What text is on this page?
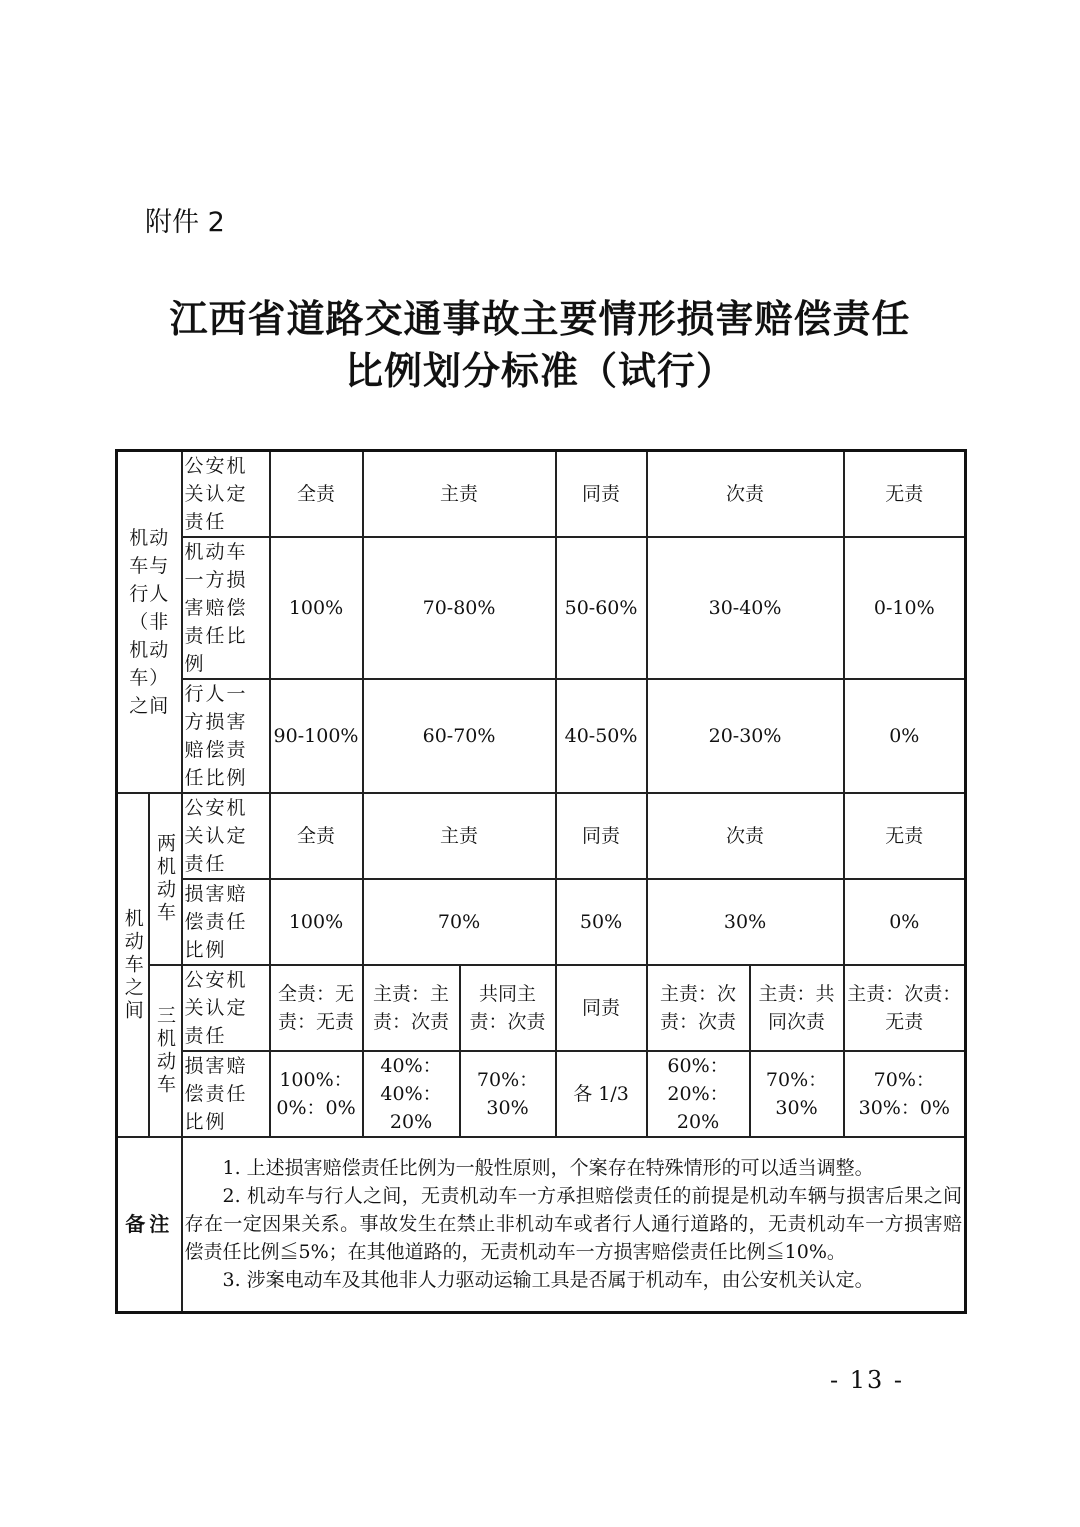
附件 2
江西省道路交通事故主要情形损害赔偿责任
比例划分标准（试行）
机动车与行人（非机动车）之间		公安机关认定责任	全责	主责		同责	次责		无责
		机动车一方损害赔偿责任比例	100%	70-80%		50-60%	30-40%		0-10%
		行人一方损害赔偿责任比例	90-100%	60-70%		40-50%	20-30%		0%

机动车之间	两机动车	公安机关认定责任	全责	主责		同责	次责		无责
		损害赔偿责任比例	100%	70%		50%	30%		0%

	三机动车	公安机关认定责任	全责：无责：无责	主责：主责：次责	共同主责：次责	同责	主责：次责：次责	主责：共同次责	主责：次责：无责
		损害赔偿责任比例	100%：0%：0%	40%：40%：20%	70%：30%	各 1/3	60%：20%：20%	70%：30%	70%：30%：0%
备注		1. 上述损害赔偿责任比例为一般性原则，个案存在特殊情形的可以适当调整。

2. 机动车与行人之间，无责机动车一方承担赔偿责任的前提是机动车辆与损害后果之间存在一定因果关系。事故发生在禁止非机动车或者行人通行道路的，无责机动车一方损害赔偿责任比例≦5%；在其他道路的，无责机动车一方损害赔偿责任比例≦10%。

3. 涉案电动车及其他非人力驱动运输工具是否属于机动车，由公安机关认定。							

- 13 -
